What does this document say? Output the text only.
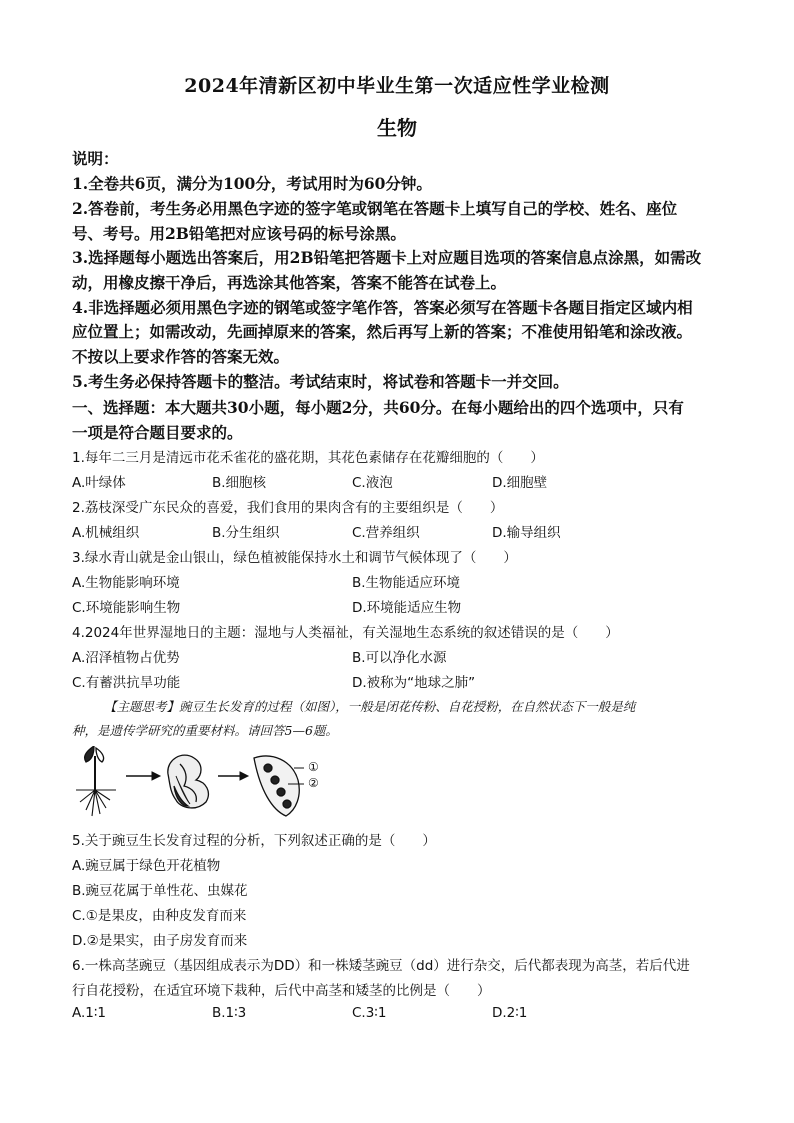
2024年清新区初中毕业生第一次适应性学业检测
生物
说明：
1.全卷共6页，满分为100分，考试用时为60分钟。
2.答卷前，考生务必用黑色字迹的签字笔或钢笔在答题卡上填写自己的学校、姓名、座位
号、考号。用2B铅笔把对应该号码的标号涂黑。
3.选择题每小题选出答案后，用2B铅笔把答题卡上对应题目选项的答案信息点涂黑，如需改
动，用橡皮擦干净后，再选涂其他答案，答案不能答在试卷上。
4.非选择题必须用黑色字迹的钢笔或签字笔作答，答案必须写在答题卡各题目指定区域内相
应位置上；如需改动，先画掉原来的答案，然后再写上新的答案；不准使用铅笔和涂改液。
不按以上要求作答的答案无效。
5.考生务必保持答题卡的整洁。考试结束时，将试卷和答题卡一并交回。
一、选择题：本大题共30小题，每小题2分，共60分。在每小题给出的四个选项中，只有
一项是符合题目要求的。
1.每年二三月是清远市花禾雀花的盛花期，其花色素储存在花瓣细胞的（　　）
A.叶绿体	B.细胞核	C.液泡	D.细胞壁
2.荔枝深受广东民众的喜爱，我们食用的果肉含有的主要组织是（　　）
A.机械组织	B.分生组织	C.营养组织	D.输导组织
3.绿水青山就是金山银山，绿色植被能保持水土和调节气候体现了（　　）
A.生物能影响环境	B.生物能适应环境
C.环境能影响生物	D.环境能适应生物
4.2024年世界湿地日的主题：湿地与人类福祉，有关湿地生态系统的叙述错误的是（　　）
A.沼泽植物占优势	B.可以净化水源
C.有蓄洪抗旱功能	D.被称为“地球之肺”
【主题思考】豌豆生长发育的过程（如图），一般是闭花传粉、自花授粉，在自然状态下一般是纯
种，是遗传学研究的重要材料。请回答5—6题。
①
②
5.关于豌豆生长发育过程的分析，下列叙述正确的是（　　）
A.豌豆属于绿色开花植物
B.豌豆花属于单性花、虫媒花
C.①是果皮，由种皮发育而来
D.②是果实，由子房发育而来
6.一株高茎豌豆（基因组成表示为DD）和一株矮茎豌豆（dd）进行杂交，后代都表现为高茎，若后代进
行自花授粉，在适宜环境下栽种，后代中高茎和矮茎的比例是（　　）
A.1∶1	B.1∶3	C.3∶1	D.2∶1
